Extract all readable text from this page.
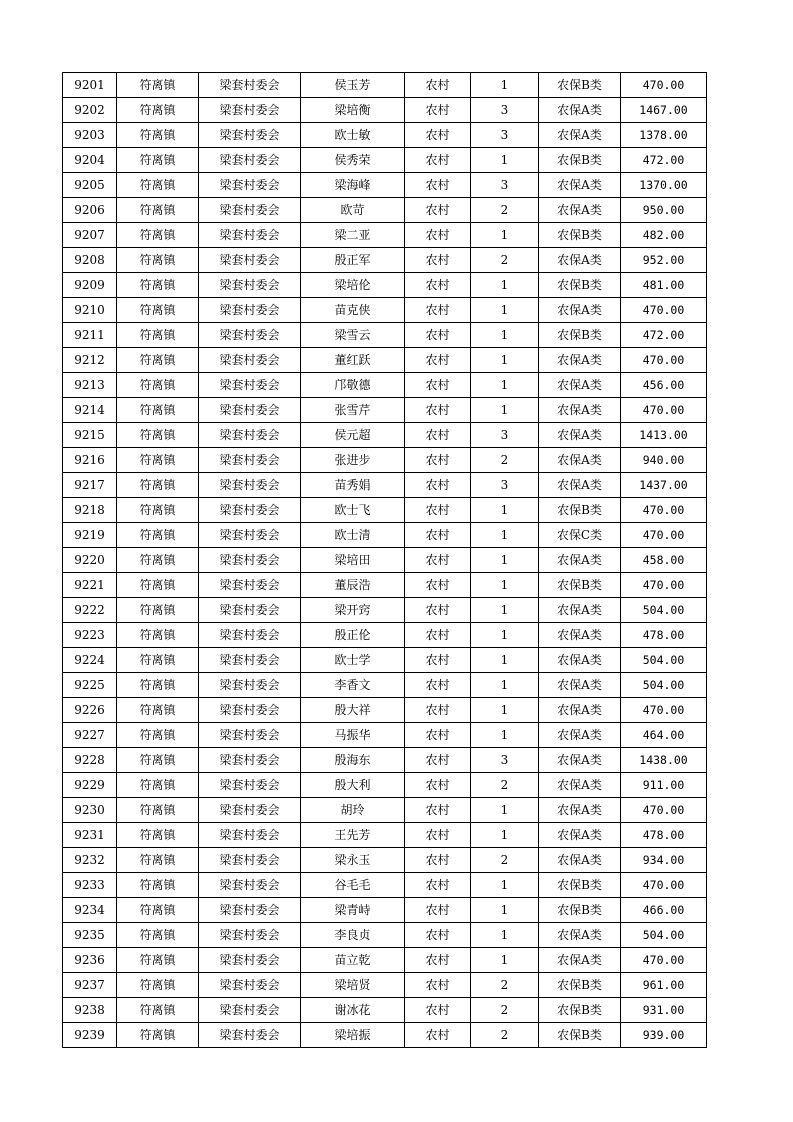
9201	符离镇	梁套村委会	侯玉芳	农村	1	农保B类	470.00
9202	符离镇	梁套村委会	梁培衡	农村	3	农保A类	1467.00
9203	符离镇	梁套村委会	欧士敏	农村	3	农保A类	1378.00
9204	符离镇	梁套村委会	侯秀荣	农村	1	农保B类	472.00
9205	符离镇	梁套村委会	梁海峰	农村	3	农保A类	1370.00
9206	符离镇	梁套村委会	欧苛	农村	2	农保A类	950.00
9207	符离镇	梁套村委会	梁二亚	农村	1	农保B类	482.00
9208	符离镇	梁套村委会	殷正军	农村	2	农保A类	952.00
9209	符离镇	梁套村委会	梁培伦	农村	1	农保B类	481.00
9210	符离镇	梁套村委会	苗克侠	农村	1	农保A类	470.00
9211	符离镇	梁套村委会	梁雪云	农村	1	农保B类	472.00
9212	符离镇	梁套村委会	董红跃	农村	1	农保A类	470.00
9213	符离镇	梁套村委会	邝敬德	农村	1	农保A类	456.00
9214	符离镇	梁套村委会	张雪芹	农村	1	农保A类	470.00
9215	符离镇	梁套村委会	侯元超	农村	3	农保A类	1413.00
9216	符离镇	梁套村委会	张进步	农村	2	农保A类	940.00
9217	符离镇	梁套村委会	苗秀娟	农村	3	农保A类	1437.00
9218	符离镇	梁套村委会	欧士飞	农村	1	农保B类	470.00
9219	符离镇	梁套村委会	欧士清	农村	1	农保C类	470.00
9220	符离镇	梁套村委会	梁培田	农村	1	农保A类	458.00
9221	符离镇	梁套村委会	董辰浩	农村	1	农保B类	470.00
9222	符离镇	梁套村委会	梁开窍	农村	1	农保A类	504.00
9223	符离镇	梁套村委会	殷正伦	农村	1	农保A类	478.00
9224	符离镇	梁套村委会	欧士学	农村	1	农保A类	504.00
9225	符离镇	梁套村委会	李香文	农村	1	农保A类	504.00
9226	符离镇	梁套村委会	殷大祥	农村	1	农保A类	470.00
9227	符离镇	梁套村委会	马振华	农村	1	农保A类	464.00
9228	符离镇	梁套村委会	殷海东	农村	3	农保A类	1438.00
9229	符离镇	梁套村委会	殷大利	农村	2	农保A类	911.00
9230	符离镇	梁套村委会	胡玲	农村	1	农保A类	470.00
9231	符离镇	梁套村委会	王先芳	农村	1	农保A类	478.00
9232	符离镇	梁套村委会	梁永玉	农村	2	农保A类	934.00
9233	符离镇	梁套村委会	谷毛毛	农村	1	农保B类	470.00
9234	符离镇	梁套村委会	梁青峙	农村	1	农保B类	466.00
9235	符离镇	梁套村委会	李良贞	农村	1	农保A类	504.00
9236	符离镇	梁套村委会	苗立乾	农村	1	农保A类	470.00
9237	符离镇	梁套村委会	梁培贤	农村	2	农保B类	961.00
9238	符离镇	梁套村委会	谢冰花	农村	2	农保B类	931.00
9239	符离镇	梁套村委会	梁培振	农村	2	农保B类	939.00
